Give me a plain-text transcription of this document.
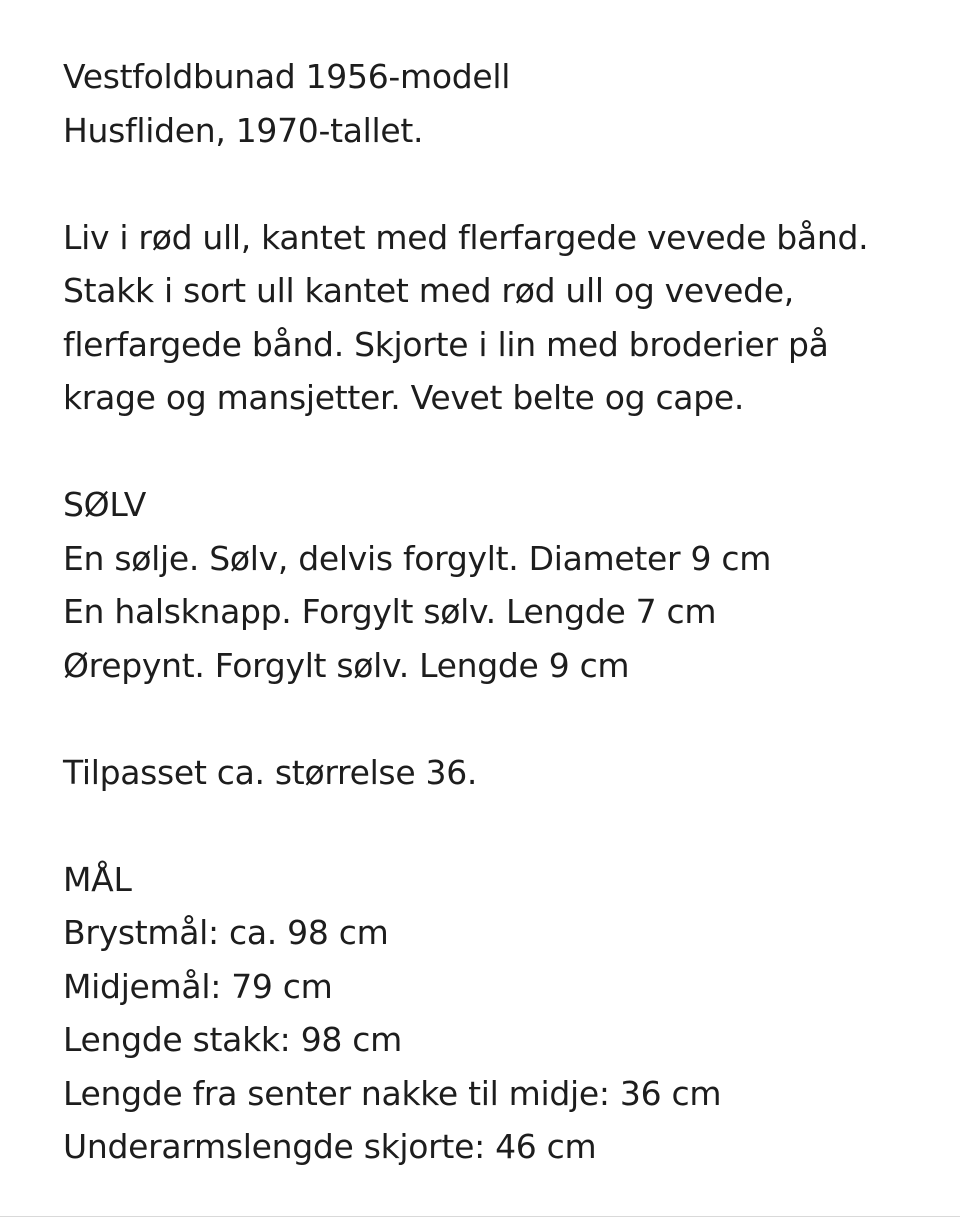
Vestfoldbunad 1956-modell
Husfliden, 1970-tallet.
Liv i rød ull, kantet med flerfargede vevede bånd.
Stakk i sort ull kantet med rød ull og vevede,
flerfargede bånd. Skjorte i lin med broderier på
krage og mansjetter. Vevet belte og cape.
SØLV
En sølje. Sølv, delvis forgylt. Diameter 9 cm
En halsknapp. Forgylt sølv. Lengde 7 cm
Ørepynt. Forgylt sølv. Lengde 9 cm
Tilpasset ca. størrelse 36.
MÅL
Brystmål: ca. 98 cm
Midjemål: 79 cm
Lengde stakk: 98 cm
Lengde fra senter nakke til midje: 36 cm
Underarmslengde skjorte: 46 cm
